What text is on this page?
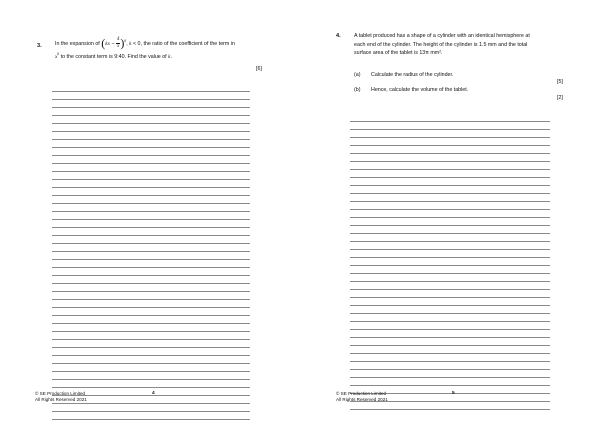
3.	In the expansion of $(kx - \frac{4}{x} )^6$, k < 0, the ratio of the coefficient of the term in
$x^6$ to the constant term is 9:40. Find the value of k.
[6]
© SE Production Limited
All Rights Reserved 2021
4
4.	A tablet produced has a shape of a cylinder with an identical hemisphere at
each end of the cylinder. The height of the cylinder is 1.5 mm and the total
surface area of the tablet is 13π mm².
(a) Calculate the radius of the cylinder.
[5]
(b) Hence, calculate the volume of the tablet.
[2]
© SE Production Limited
All Rights Reserved 2021
5
